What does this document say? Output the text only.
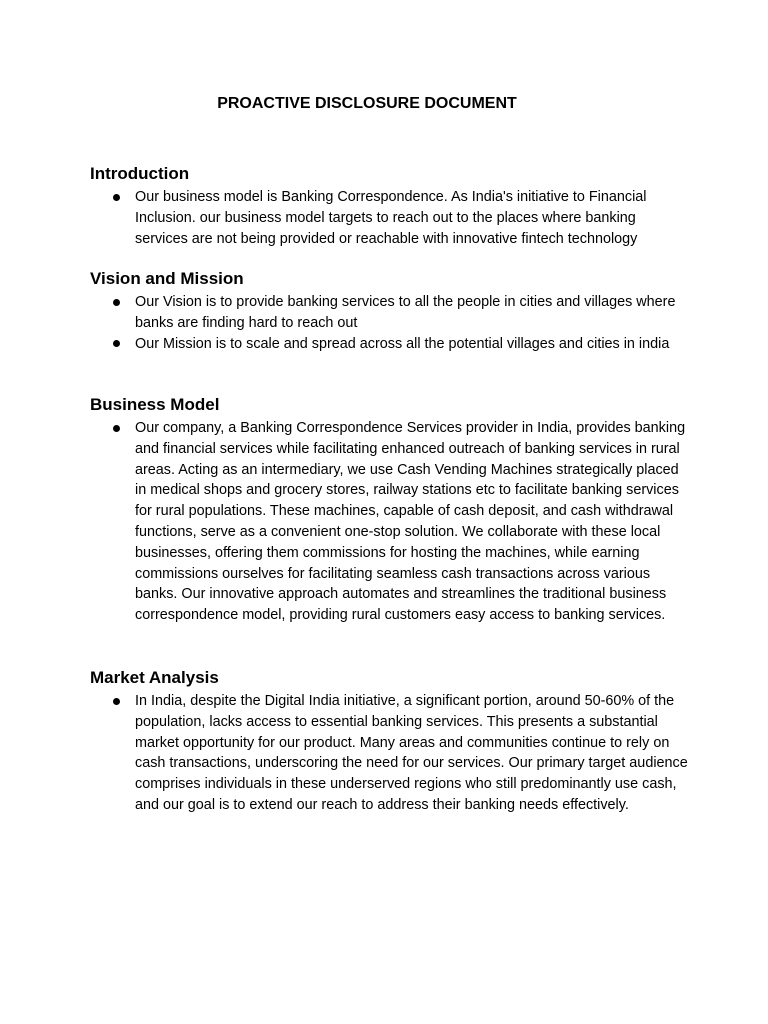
PROACTIVE DISCLOSURE DOCUMENT
Introduction
Our business model is Banking Correspondence. As India's initiative to Financial Inclusion. our business model targets to reach out to the places where banking services are not being provided or reachable with innovative fintech technology
Vision and Mission
Our Vision is to provide banking services to all the people in cities and villages where banks are finding hard to reach out
Our Mission is to scale and spread across all the potential villages and cities in india
Business Model
Our company, a Banking Correspondence Services provider in India, provides banking and financial services while facilitating enhanced outreach of banking services in rural areas. Acting as an intermediary, we use Cash Vending Machines strategically placed in medical shops and grocery stores, railway stations etc to facilitate banking services for rural populations. These machines, capable of cash deposit, and cash withdrawal functions, serve as a convenient one-stop solution. We collaborate with these local businesses, offering them commissions for hosting the machines, while earning commissions ourselves for facilitating seamless cash transactions across various banks. Our innovative approach automates and streamlines the traditional business correspondence model, providing rural customers easy access to banking services.
Market Analysis
In India, despite the Digital India initiative, a significant portion, around 50-60% of the population, lacks access to essential banking services. This presents a substantial market opportunity for our product. Many areas and communities continue to rely on cash transactions, underscoring the need for our services. Our primary target audience comprises individuals in these underserved regions who still predominantly use cash, and our goal is to extend our reach to address their banking needs effectively.
